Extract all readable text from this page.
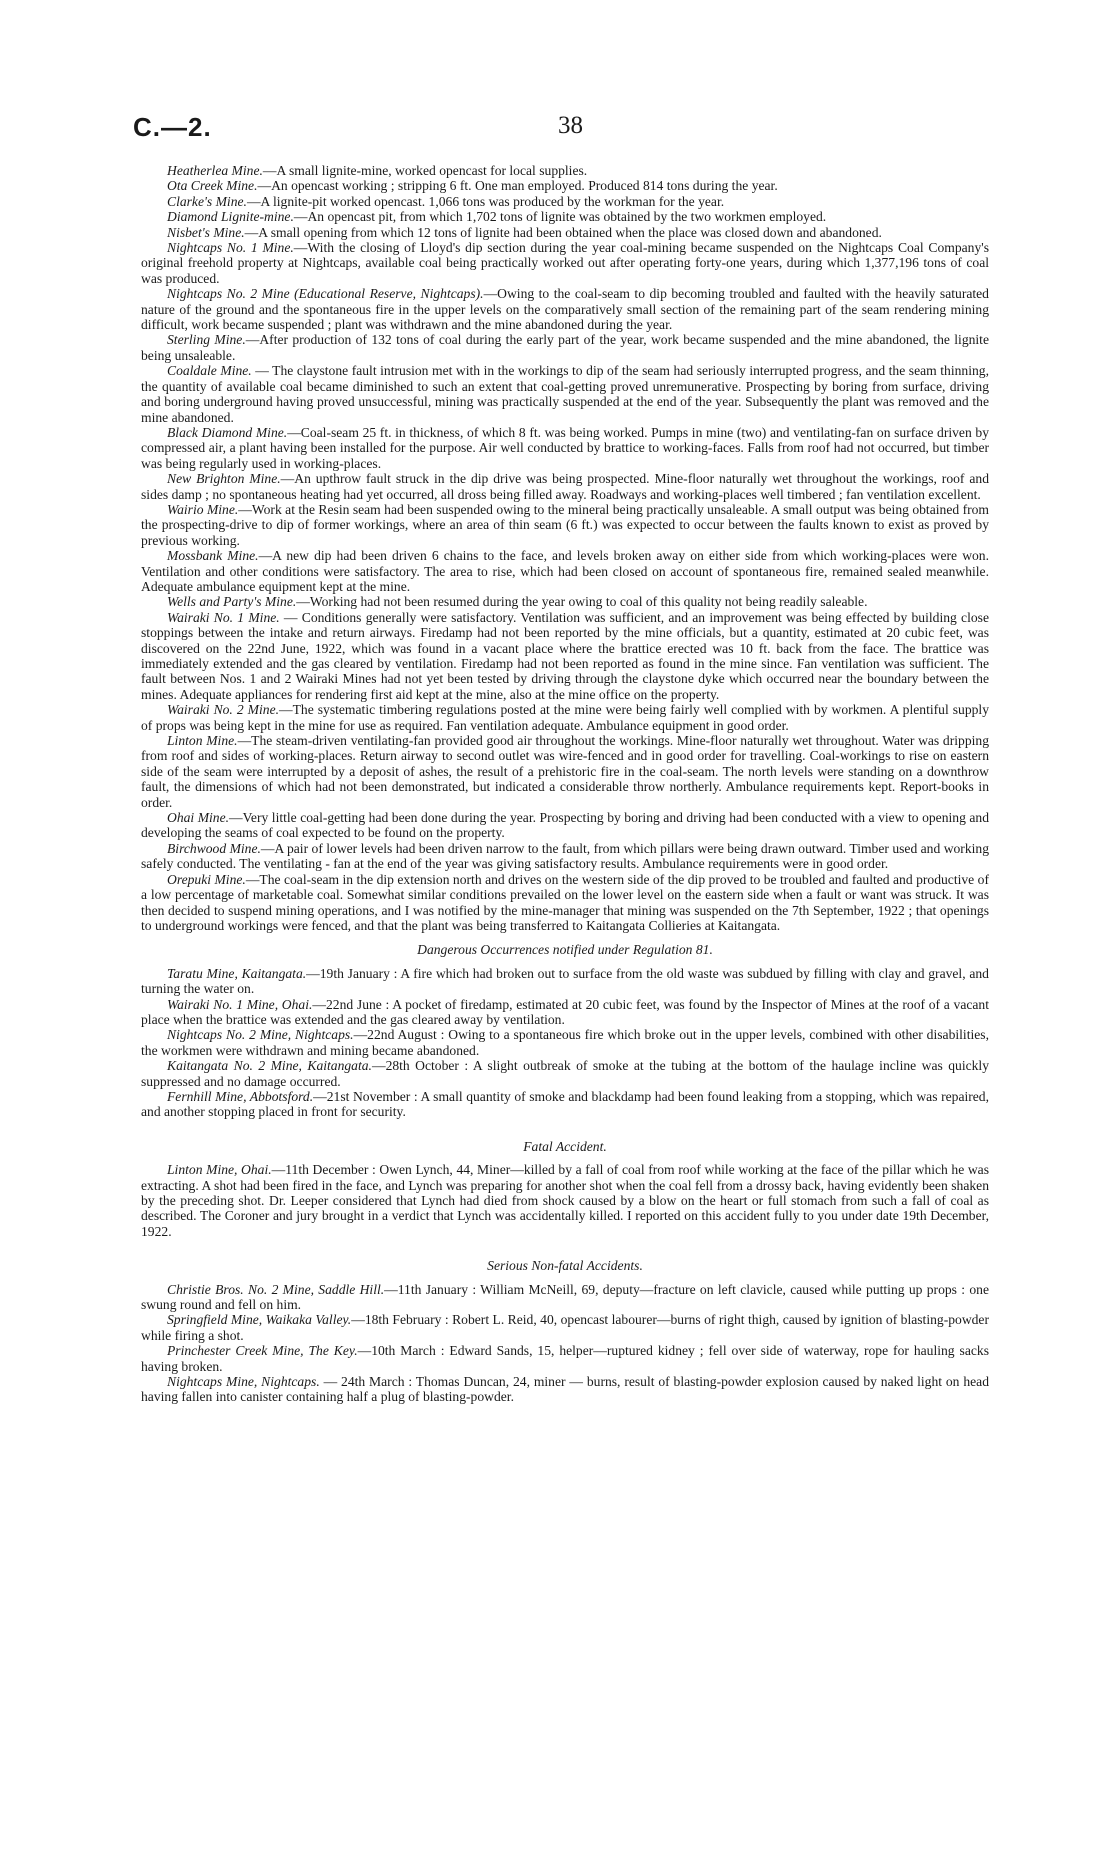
C.—2.	38

Heatherlea Mine.—A small lignite-mine, worked opencast for local supplies.

Ota Creek Mine.—An opencast working ; stripping 6 ft. One man employed. Produced 814 tons during the year.

Clarke's Mine.—A lignite-pit worked opencast. 1,066 tons was produced by the workman for the year.

Diamond Lignite-mine.—An opencast pit, from which 1,702 tons of lignite was obtained by the two workmen employed.

Nisbet's Mine.—A small opening from which 12 tons of lignite had been obtained when the place was closed down and abandoned.

Nightcaps No. 1 Mine.—With the closing of Lloyd's dip section during the year coal-mining became suspended on the Nightcaps Coal Company's original freehold property at Nightcaps, available coal being practically worked out after operating forty-one years, during which 1,377,196 tons of coal was produced.

Nightcaps No. 2 Mine (Educational Reserve, Nightcaps).—Owing to the coal-seam to dip becoming troubled and faulted with the heavily saturated nature of the ground and the spontaneous fire in the upper levels on the comparatively small section of the remaining part of the seam rendering mining difficult, work became suspended ; plant was withdrawn and the mine abandoned during the year.

Sterling Mine.—After production of 132 tons of coal during the early part of the year, work became suspended and the mine abandoned, the lignite being unsaleable.

Coaldale Mine. — The claystone fault intrusion met with in the workings to dip of the seam had seriously interrupted progress, and the seam thinning, the quantity of available coal became diminished to such an extent that coal-getting proved unremunerative. Prospecting by boring from surface, driving and boring underground having proved unsuccessful, mining was practically suspended at the end of the year. Subsequently the plant was removed and the mine abandoned.

Black Diamond Mine.—Coal-seam 25 ft. in thickness, of which 8 ft. was being worked. Pumps in mine (two) and ventilating-fan on surface driven by compressed air, a plant having been installed for the purpose. Air well conducted by brattice to working-faces. Falls from roof had not occurred, but timber was being regularly used in working-places.

New Brighton Mine.—An upthrow fault struck in the dip drive was being prospected. Mine-floor naturally wet throughout the workings, roof and sides damp ; no spontaneous heating had yet occurred, all dross being filled away. Roadways and working-places well timbered ; fan ventilation excellent.

Wairio Mine.—Work at the Resin seam had been suspended owing to the mineral being practically unsaleable. A small output was being obtained from the prospecting-drive to dip of former workings, where an area of thin seam (6 ft.) was expected to occur between the faults known to exist as proved by previous working.

Mossbank Mine.—A new dip had been driven 6 chains to the face, and levels broken away on either side from which working-places were won. Ventilation and other conditions were satisfactory. The area to rise, which had been closed on account of spontaneous fire, remained sealed meanwhile. Adequate ambulance equipment kept at the mine.

Wells and Party's Mine.—Working had not been resumed during the year owing to coal of this quality not being readily saleable.

Wairaki No. 1 Mine. — Conditions generally were satisfactory. Ventilation was sufficient, and an improvement was being effected by building close stoppings between the intake and return airways. Firedamp had not been reported by the mine officials, but a quantity, estimated at 20 cubic feet, was discovered on the 22nd June, 1922, which was found in a vacant place where the brattice erected was 10 ft. back from the face. The brattice was immediately extended and the gas cleared by ventilation. Firedamp had not been reported as found in the mine since. Fan ventilation was sufficient. The fault between Nos. 1 and 2 Wairaki Mines had not yet been tested by driving through the claystone dyke which occurred near the boundary between the mines. Adequate appliances for rendering first aid kept at the mine, also at the mine office on the property.

Wairaki No. 2 Mine.—The systematic timbering regulations posted at the mine were being fairly well complied with by workmen. A plentiful supply of props was being kept in the mine for use as required. Fan ventilation adequate. Ambulance equipment in good order.

Linton Mine.—The steam-driven ventilating-fan provided good air throughout the workings. Mine-floor naturally wet throughout. Water was dripping from roof and sides of working-places. Return airway to second outlet was wire-fenced and in good order for travelling. Coal-workings to rise on eastern side of the seam were interrupted by a deposit of ashes, the result of a prehistoric fire in the coal-seam. The north levels were standing on a downthrow fault, the dimensions of which had not been demonstrated, but indicated a considerable throw northerly. Ambulance requirements kept. Report-books in order.

Ohai Mine.—Very little coal-getting had been done during the year. Prospecting by boring and driving had been conducted with a view to opening and developing the seams of coal expected to be found on the property.

Birchwood Mine.—A pair of lower levels had been driven narrow to the fault, from which pillars were being drawn outward. Timber used and working safely conducted. The ventilating - fan at the end of the year was giving satisfactory results. Ambulance requirements were in good order.

Orepuki Mine.—The coal-seam in the dip extension north and drives on the western side of the dip proved to be troubled and faulted and productive of a low percentage of marketable coal. Somewhat similar conditions prevailed on the lower level on the eastern side when a fault or want was struck. It was then decided to suspend mining operations, and I was notified by the mine-manager that mining was suspended on the 7th September, 1922 ; that openings to underground workings were fenced, and that the plant was being transferred to Kaitangata Collieries at Kaitangata.

Dangerous Occurrences notified under Regulation 81.

Taratu Mine, Kaitangata.—19th January : A fire which had broken out to surface from the old waste was subdued by filling with clay and gravel, and turning the water on.

Wairaki No. 1 Mine, Ohai.—22nd June : A pocket of firedamp, estimated at 20 cubic feet, was found by the Inspector of Mines at the roof of a vacant place when the brattice was extended and the gas cleared away by ventilation.

Nightcaps No. 2 Mine, Nightcaps.—22nd August : Owing to a spontaneous fire which broke out in the upper levels, combined with other disabilities, the workmen were withdrawn and mining became abandoned.

Kaitangata No. 2 Mine, Kaitangata.—28th October : A slight outbreak of smoke at the tubing at the bottom of the haulage incline was quickly suppressed and no damage occurred.

Fernhill Mine, Abbotsford.—21st November : A small quantity of smoke and blackdamp had been found leaking from a stopping, which was repaired, and another stopping placed in front for security.

Fatal Accident.

Linton Mine, Ohai.—11th December : Owen Lynch, 44, Miner—killed by a fall of coal from roof while working at the face of the pillar which he was extracting. A shot had been fired in the face, and Lynch was preparing for another shot when the coal fell from a drossy back, having evidently been shaken by the preceding shot. Dr. Leeper considered that Lynch had died from shock caused by a blow on the heart or full stomach from such a fall of coal as described. The Coroner and jury brought in a verdict that Lynch was accidentally killed. I reported on this accident fully to you under date 19th December, 1922.

Serious Non-fatal Accidents.

Christie Bros. No. 2 Mine, Saddle Hill.—11th January : William McNeill, 69, deputy—fracture on left clavicle, caused while putting up props : one swung round and fell on him.

Springfield Mine, Waikaka Valley.—18th February : Robert L. Reid, 40, opencast labourer—burns of right thigh, caused by ignition of blasting-powder while firing a shot.

Princhester Creek Mine, The Key.—10th March : Edward Sands, 15, helper—ruptured kidney ; fell over side of waterway, rope for hauling sacks having broken.

Nightcaps Mine, Nightcaps. — 24th March : Thomas Duncan, 24, miner — burns, result of blasting-powder explosion caused by naked light on head having fallen into canister containing half a plug of blasting-powder.
